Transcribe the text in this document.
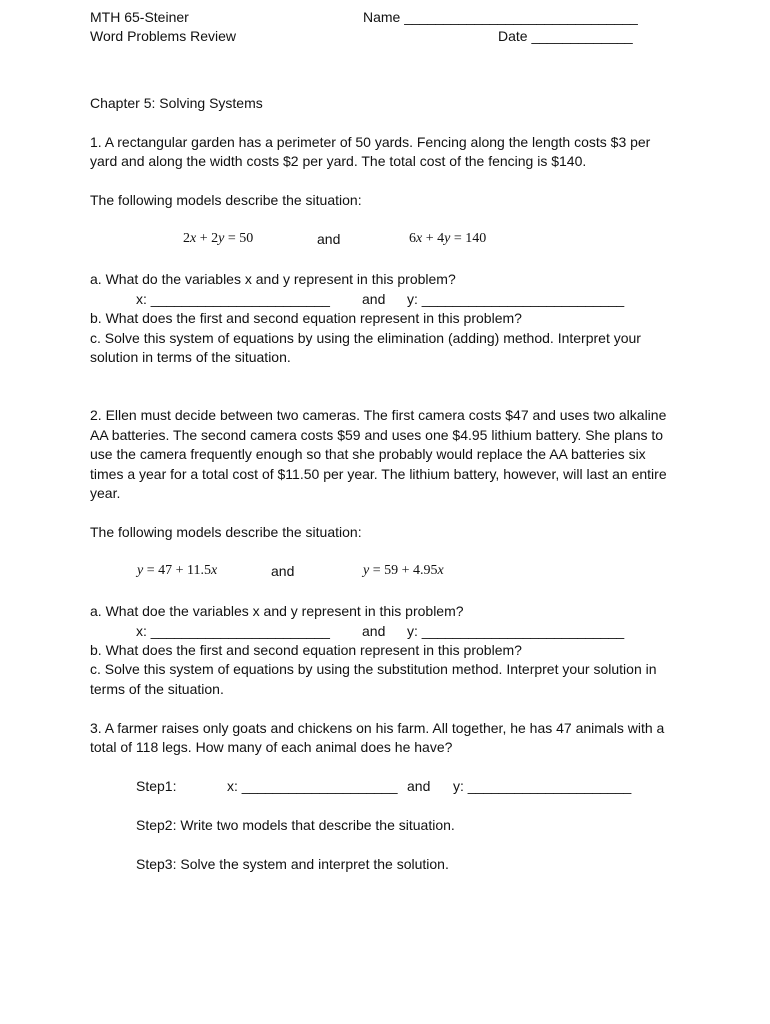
MTH 65-Steiner
Word Problems Review
Name ______________________________
Date _____________
Chapter 5: Solving Systems
1. A rectangular garden has a perimeter of 50 yards. Fencing along the length costs $3 per
yard and along the width costs $2 per yard. The total cost of the fencing is $140.
The following models describe the situation:
2x + 2y = 50	and	6x + 4y = 140
a. What do the variables x and y represent in this problem?
x: _______________________ and y: __________________________
b. What does the first and second equation represent in this problem?
c. Solve this system of equations by using the elimination (adding) method. Interpret your
solution in terms of the situation.
2. Ellen must decide between two cameras. The first camera costs $47 and uses two alkaline
AA batteries. The second camera costs $59 and uses one $4.95 lithium battery. She plans to
use the camera frequently enough so that she probably would replace the AA batteries six
times a year for a total cost of $11.50 per year. The lithium battery, however, will last an entire
year.
The following models describe the situation:
y = 47 + 11.5x	and	y = 59 + 4.95x
a. What doe the variables x and y represent in this problem?
x: _______________________ and y: __________________________
b. What does the first and second equation represent in this problem?
c. Solve this system of equations by using the substitution method. Interpret your solution in
terms of the situation.
3. A farmer raises only goats and chickens on his farm. All together, he has 47 animals with a
total of 118 legs. How many of each animal does he have?
Step1:	x: ____________________ and y: _____________________
Step2: Write two models that describe the situation.
Step3: Solve the system and interpret the solution.
